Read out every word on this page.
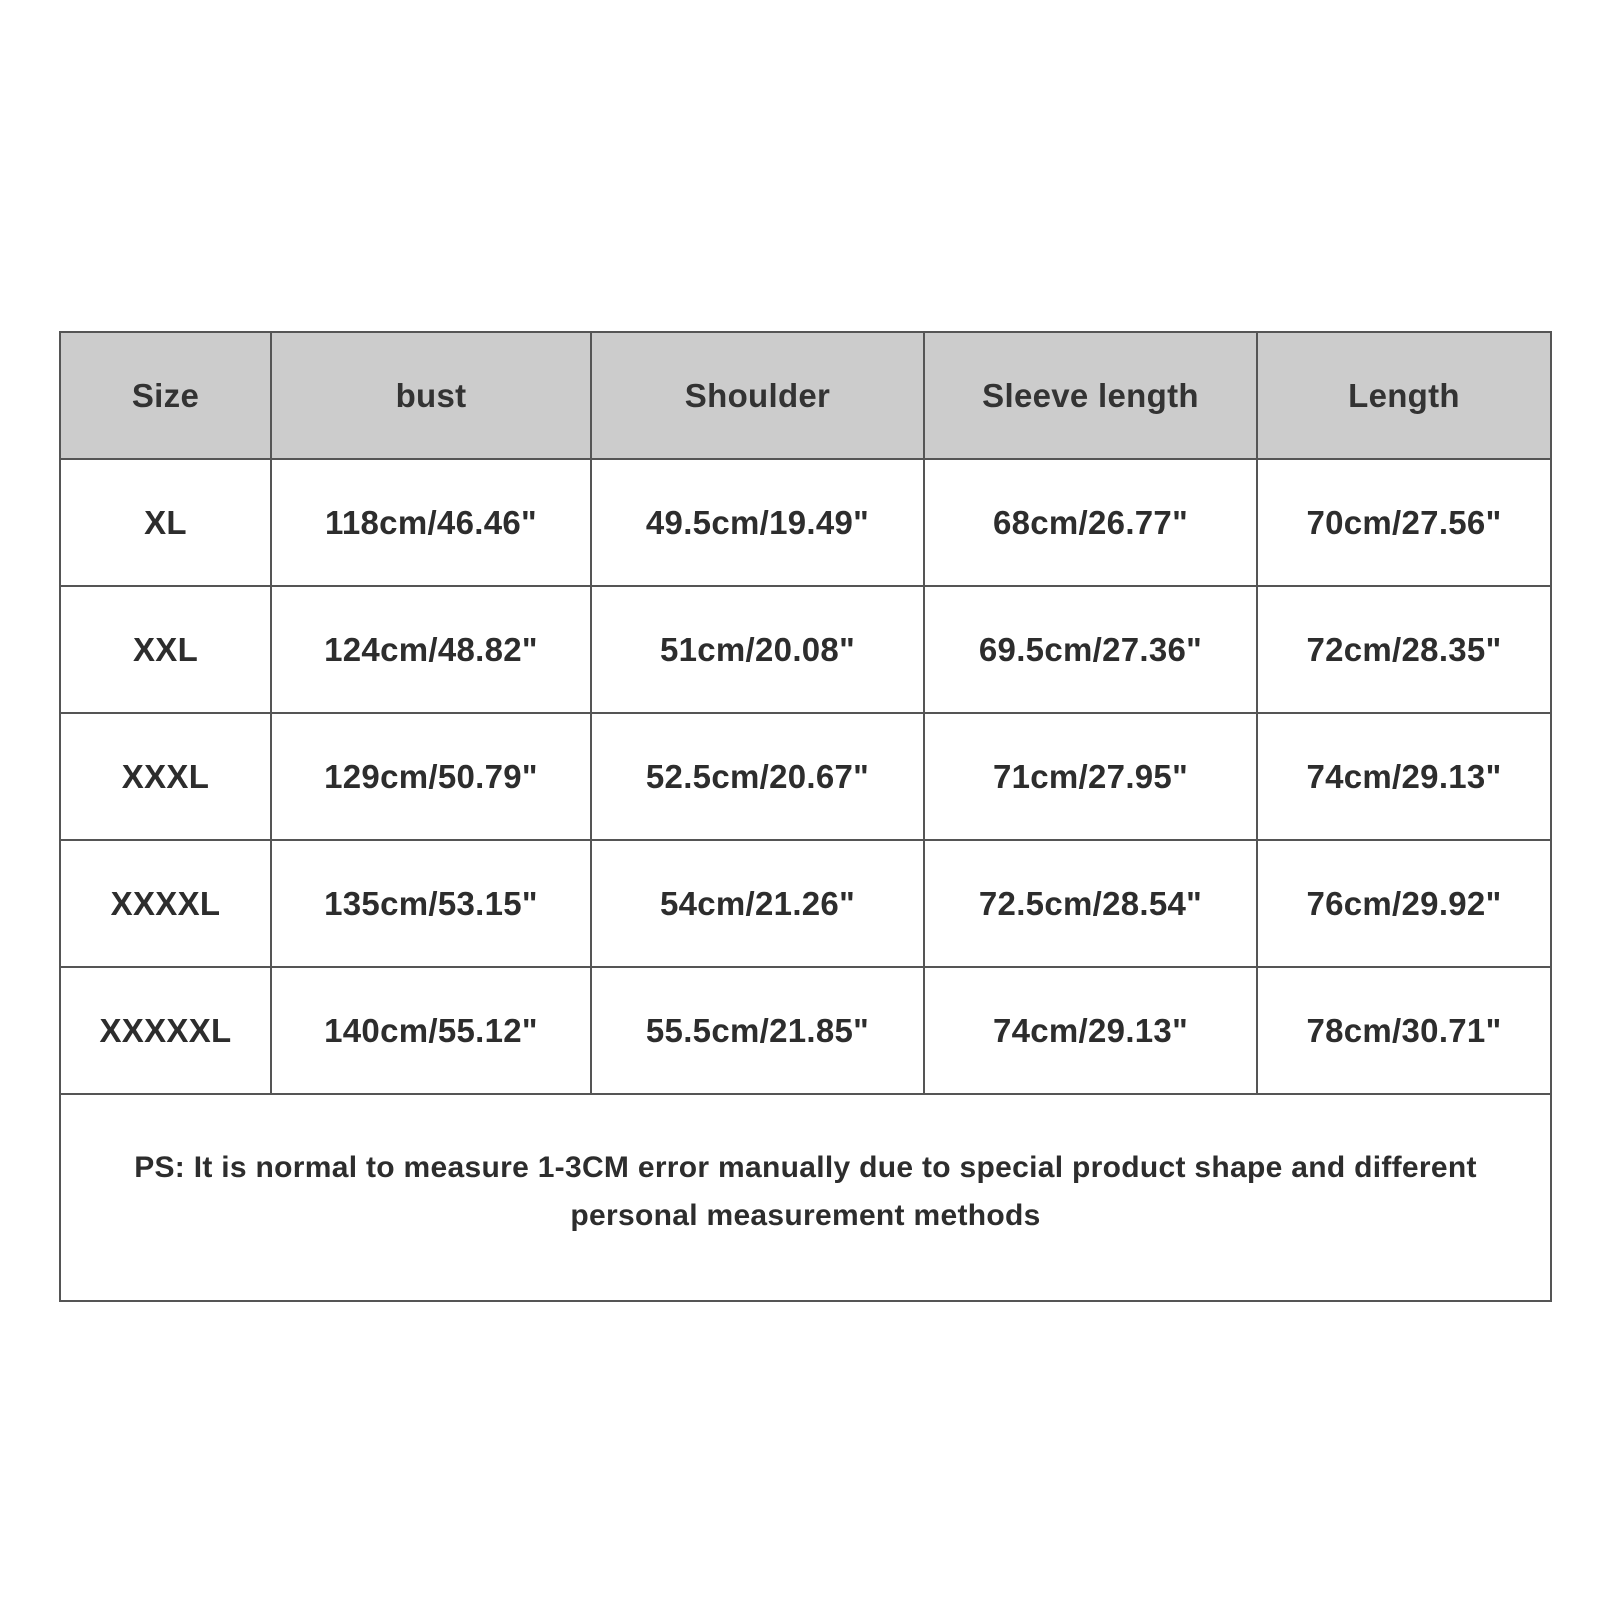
Size	bust	Shoulder	Sleeve length	Length
XL	118cm/46.46"	49.5cm/19.49"	68cm/26.77"	70cm/27.56"
XXL	124cm/48.82"	51cm/20.08"	69.5cm/27.36"	72cm/28.35"
XXXL	129cm/50.79"	52.5cm/20.67"	71cm/27.95"	74cm/29.13"
XXXXL	135cm/53.15"	54cm/21.26"	72.5cm/28.54"	76cm/29.92"
XXXXXL	140cm/55.12"	55.5cm/21.85"	74cm/29.13"	78cm/30.71"
PS: It is normal to measure 1-3CM error manually due to special product shape and different personal measurement methods				
